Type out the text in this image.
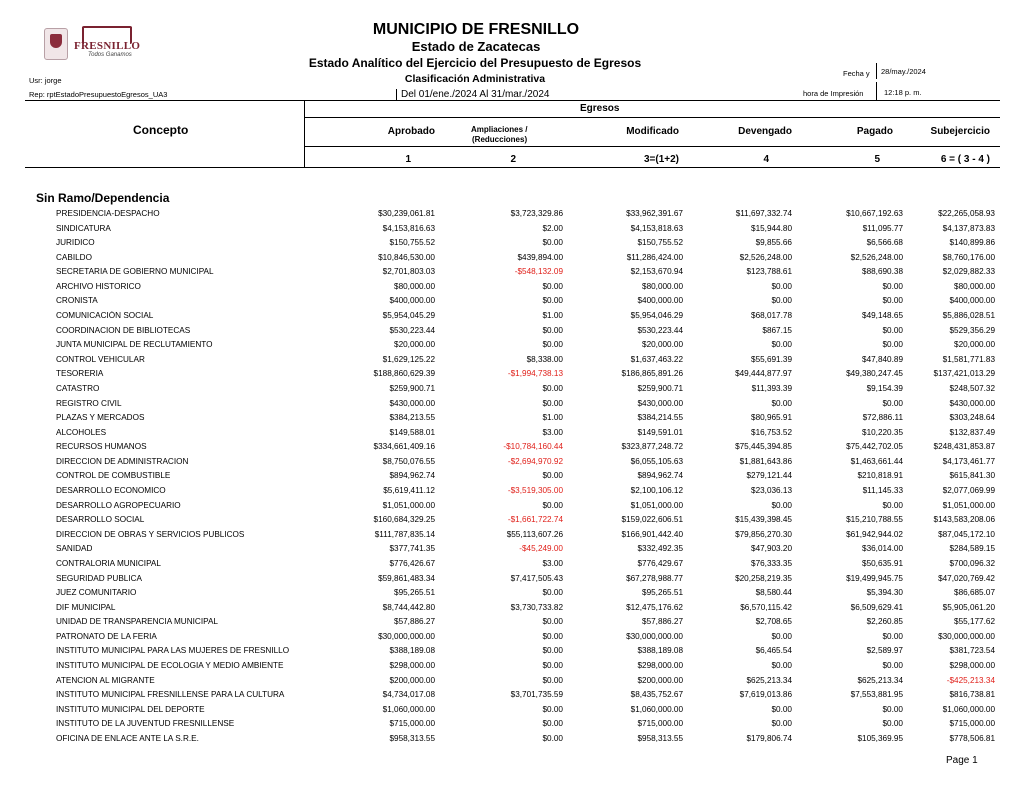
FRESNILLO
Todos Ganamos
MUNICIPIO DE FRESNILLO
Estado de Zacatecas
Estado Analítico del Ejercicio del Presupuesto de Egresos
Clasificación Administrativa
Del 01/ene./2024 Al 31/mar./2024
Usr: jorge
Rep: rptEstadoPresupuestoEgresos_UA3
Fecha y 28/may./2024
hora de Impresión	12:18 p. m.
Egresos
Concepto	Aprobado	Ampliaciones /
(Reducciones)
Modificado	Devengado	Pagado	Subejercicio
1	2	3=(1+2)	4	5	6 = ( 3 - 4 )
Sin Ramo/Dependencia
PRESIDENCIA-DESPACHO	$30,239,061.81	$3,723,329.86	$33,962,391.67	$11,697,332.74	$10,667,192.63	$22,265,058.93
SINDICATURA	$4,153,816.63	$2.00	$4,153,818.63	$15,944.80	$11,095.77	$4,137,873.83
JURIDICO	$150,755.52	$0.00	$150,755.52	$9,855.66	$6,566.68	$140,899.86
CABILDO	$10,846,530.00	$439,894.00	$11,286,424.00	$2,526,248.00	$2,526,248.00	$8,760,176.00
SECRETARIA DE GOBIERNO MUNICIPAL	$2,701,803.03	-$548,132.09	$2,153,670.94	$123,788.61	$88,690.38	$2,029,882.33
ARCHIVO HISTORICO	$80,000.00	$0.00	$80,000.00	$0.00	$0.00	$80,000.00
CRONISTA	$400,000.00	$0.00	$400,000.00	$0.00	$0.00	$400,000.00
COMUNICACIÓN SOCIAL	$5,954,045.29	$1.00	$5,954,046.29	$68,017.78	$49,148.65	$5,886,028.51
COORDINACION DE BIBLIOTECAS	$530,223.44	$0.00	$530,223.44	$867.15	$0.00	$529,356.29
JUNTA MUNICIPAL DE RECLUTAMIENTO	$20,000.00	$0.00	$20,000.00	$0.00	$0.00	$20,000.00
CONTROL VEHICULAR	$1,629,125.22	$8,338.00	$1,637,463.22	$55,691.39	$47,840.89	$1,581,771.83
TESORERIA	$188,860,629.39	-$1,994,738.13	$186,865,891.26	$49,444,877.97	$49,380,247.45	$137,421,013.29
CATASTRO	$259,900.71	$0.00	$259,900.71	$11,393.39	$9,154.39	$248,507.32
REGISTRO CIVIL	$430,000.00	$0.00	$430,000.00	$0.00	$0.00	$430,000.00
PLAZAS Y MERCADOS	$384,213.55	$1.00	$384,214.55	$80,965.91	$72,886.11	$303,248.64
ALCOHOLES	$149,588.01	$3.00	$149,591.01	$16,753.52	$10,220.35	$132,837.49
RECURSOS HUMANOS	$334,661,409.16	-$10,784,160.44	$323,877,248.72	$75,445,394.85	$75,442,702.05	$248,431,853.87
DIRECCION DE ADMINISTRACION	$8,750,076.55	-$2,694,970.92	$6,055,105.63	$1,881,643.86	$1,463,661.44	$4,173,461.77
CONTROL DE COMBUSTIBLE	$894,962.74	$0.00	$894,962.74	$279,121.44	$210,818.91	$615,841.30
DESARROLLO ECONOMICO	$5,619,411.12	-$3,519,305.00	$2,100,106.12	$23,036.13	$11,145.33	$2,077,069.99
DESARROLLO AGROPECUARIO	$1,051,000.00	$0.00	$1,051,000.00	$0.00	$0.00	$1,051,000.00
DESARROLLO SOCIAL	$160,684,329.25	-$1,661,722.74	$159,022,606.51	$15,439,398.45	$15,210,788.55	$143,583,208.06
DIRECCION DE OBRAS Y SERVICIOS PUBLICOS	$111,787,835.14	$55,113,607.26	$166,901,442.40	$79,856,270.30	$61,942,944.02	$87,045,172.10
SANIDAD	$377,741.35	-$45,249.00	$332,492.35	$47,903.20	$36,014.00	$284,589.15
CONTRALORIA MUNICIPAL	$776,426.67	$3.00	$776,429.67	$76,333.35	$50,635.91	$700,096.32
SEGURIDAD PUBLICA	$59,861,483.34	$7,417,505.43	$67,278,988.77	$20,258,219.35	$19,499,945.75	$47,020,769.42
JUEZ COMUNITARIO	$95,265.51	$0.00	$95,265.51	$8,580.44	$5,394.30	$86,685.07
DIF MUNICIPAL	$8,744,442.80	$3,730,733.82	$12,475,176.62	$6,570,115.42	$6,509,629.41	$5,905,061.20
UNIDAD DE TRANSPARENCIA MUNICIPAL	$57,886.27	$0.00	$57,886.27	$2,708.65	$2,260.85	$55,177.62
PATRONATO DE LA FERIA	$30,000,000.00	$0.00	$30,000,000.00	$0.00	$0.00	$30,000,000.00
INSTITUTO MUNICIPAL PARA LAS MUJERES DE FRESNILLO	$388,189.08	$0.00	$388,189.08	$6,465.54	$2,589.97	$381,723.54
INSTITUTO MUNICIPAL DE ECOLOGIA Y MEDIO AMBIENTE	$298,000.00	$0.00	$298,000.00	$0.00	$0.00	$298,000.00
ATENCION AL MIGRANTE	$200,000.00	$0.00	$200,000.00	$625,213.34	$625,213.34	-$425,213.34
INSTITUTO MUNICIPAL FRESNILLENSE PARA LA CULTURA	$4,734,017.08	$3,701,735.59	$8,435,752.67	$7,619,013.86	$7,553,881.95	$816,738.81
INSTITUTO MUNICIPAL DEL DEPORTE	$1,060,000.00	$0.00	$1,060,000.00	$0.00	$0.00	$1,060,000.00
INSTITUTO DE LA JUVENTUD FRESNILLENSE	$715,000.00	$0.00	$715,000.00	$0.00	$0.00	$715,000.00
OFICINA DE ENLACE ANTE LA S.R.E.	$958,313.55	$0.00	$958,313.55	$179,806.74	$105,369.95	$778,506.81
Page 1
